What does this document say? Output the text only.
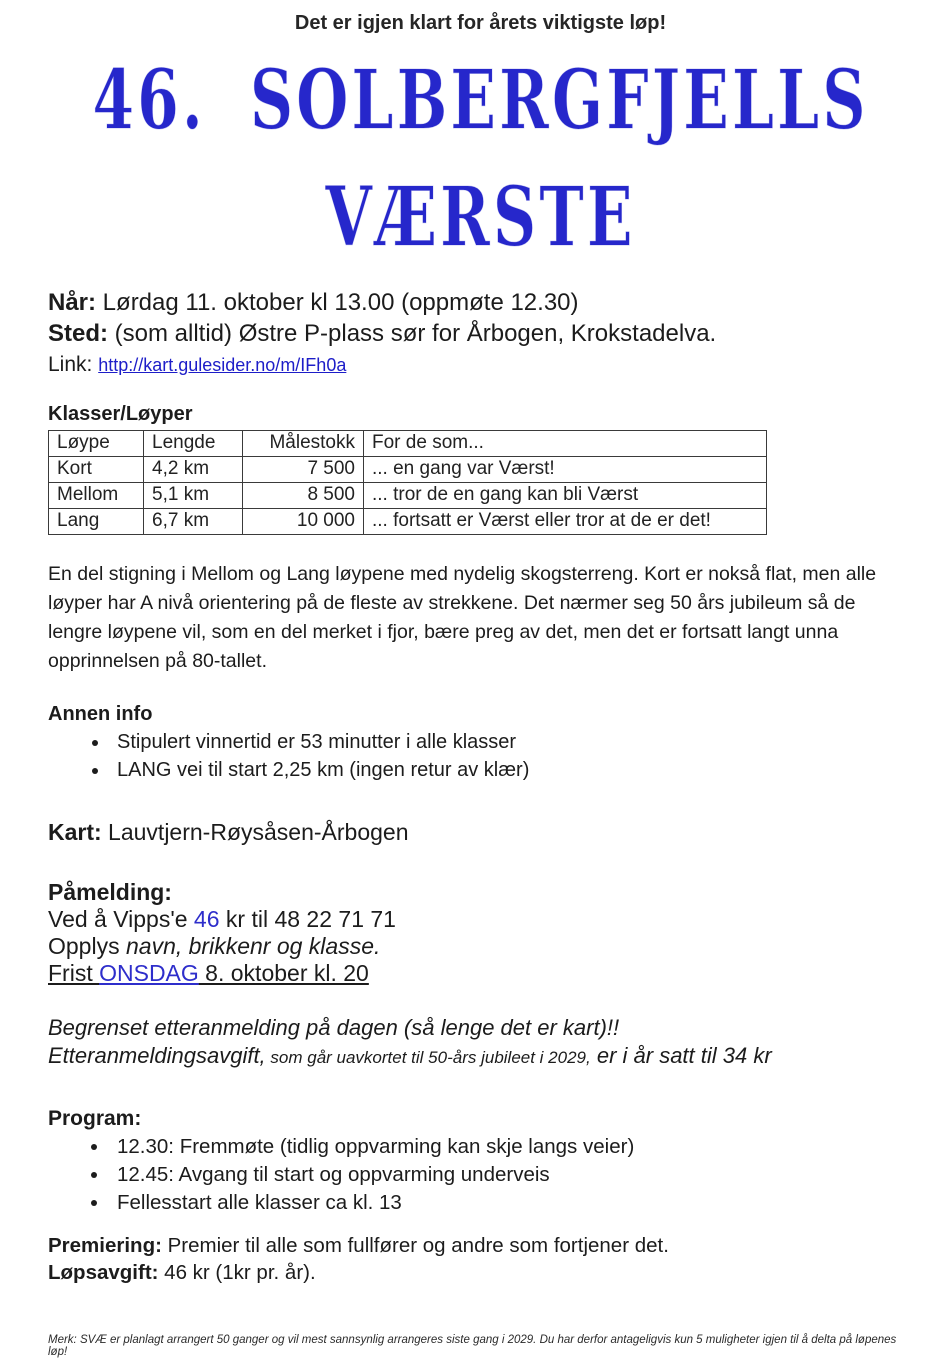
Det er igjen klart for årets viktigste løp!
46. SOLBERGFJELLS
VÆRSTE
Når: Lørdag 11. oktober kl 13.00 (oppmøte 12.30)
Sted: (som alltid) Østre P-plass sør for Årbogen, Krokstadelva.
Link: http://kart.gulesider.no/m/IFh0a
Klasser/Løyper
Løype	Lengde	Målestokk	For de som...
Kort	4,2 km	7 500	... en gang var Værst!
Mellom	5,1 km	8 500	... tror de en gang kan bli Værst
Lang	6,7 km	10 000	... fortsatt er Værst eller tror at de er det!
En del stigning i Mellom og Lang løypene med nydelig skogsterreng. Kort er nokså flat, men alle løyper har A nivå orientering på de fleste av strekkene. Det nærmer seg 50 års jubileum så de lengre løypene vil, som en del merket i fjor, bære preg av det, men det er fortsatt langt unna opprinnelsen på 80-tallet.
Annen info
• Stipulert vinnertid er 53 minutter i alle klasser
• LANG vei til start 2,25 km (ingen retur av klær)
Kart: Lauvtjern-Røysåsen-Årbogen
Påmelding:
Ved å Vipps'e 46 kr til 48 22 71 71
Opplys navn, brikkenr og klasse.
Frist ONSDAG 8. oktober kl. 20
Begrenset etteranmelding på dagen (så lenge det er kart)!!
Etteranmeldingsavgift, som går uavkortet til 50-års jubileet i 2029, er i år satt til 34 kr
Program:
• 12.30: Fremmøte (tidlig oppvarming kan skje langs veier)
• 12.45: Avgang til start og oppvarming underveis
• Fellesstart alle klasser ca kl. 13
Premiering: Premier til alle som fullfører og andre som fortjener det.
Løpsavgift: 46 kr (1kr pr. år).
Merk: SVÆ er planlagt arrangert 50 ganger og vil mest sannsynlig arrangeres siste gang i 2029. Du har derfor antageligvis kun 5 muligheter igjen til å delta på løpenes løp!
